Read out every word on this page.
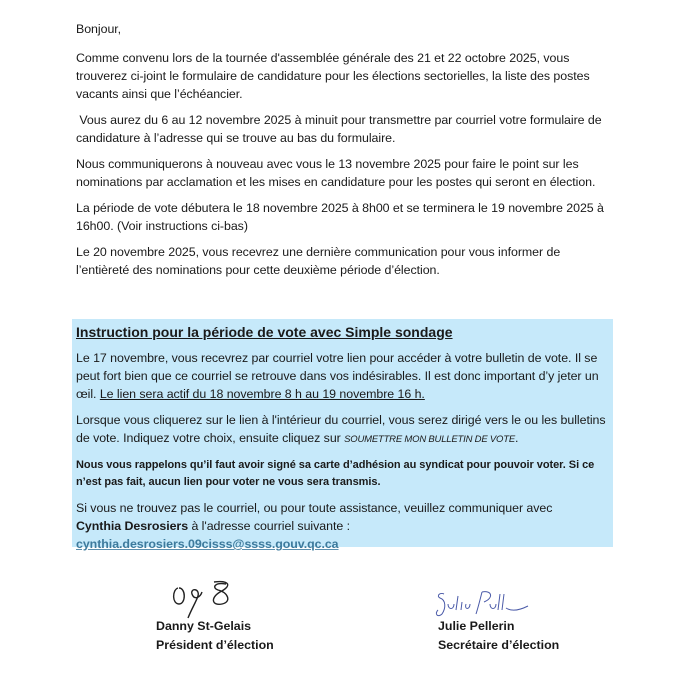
Bonjour,

Comme convenu lors de la tournée d'assemblée générale des 21 et 22 octobre 2025, vous trouverez ci-joint le formulaire de candidature pour les élections sectorielles, la liste des postes vacants ainsi que l’échéancier.

Vous aurez du 6 au 12 novembre 2025 à minuit pour transmettre par courriel votre formulaire de candidature à l’adresse qui se trouve au bas du formulaire.

Nous communiquerons à nouveau avec vous le 13 novembre 2025 pour faire le point sur les nominations par acclamation et les mises en candidature pour les postes qui seront en élection.

La période de vote débutera le 18 novembre 2025 à 8h00 et se terminera le 19 novembre 2025 à 16h00. (Voir instructions ci-bas)

Le 20 novembre 2025, vous recevrez une dernière communication pour vous informer de l’entièreté des nominations pour cette deuxième période d’élection.

Instruction pour la période de vote avec Simple sondage

Le 17 novembre, vous recevrez par courriel votre lien pour accéder à votre bulletin de vote. Il se peut fort bien que ce courriel se retrouve dans vos indésirables. Il est donc important d’y jeter un œil. Le lien sera actif du 18 novembre 8 h au 19 novembre 16 h.

Lorsque vous cliquerez sur le lien à l'intérieur du courriel, vous serez dirigé vers le ou les bulletins de vote. Indiquez votre choix, ensuite cliquez sur SOUMETTRE MON BULLETIN DE VOTE.

Nous vous rappelons qu’il faut avoir signé sa carte d’adhésion au syndicat pour pouvoir voter. Si ce n’est pas fait, aucun lien pour voter ne vous sera transmis.

Si vous ne trouvez pas le courriel, ou pour toute assistance, veuillez communiquer avec
Cynthia Desrosiers à l'adresse courriel suivante :
cynthia.desrosiers.09cisss@ssss.gouv.qc.ca

Danny St-Gelais
Président d’élection
Julie Pellerin
Secrétaire d’élection
